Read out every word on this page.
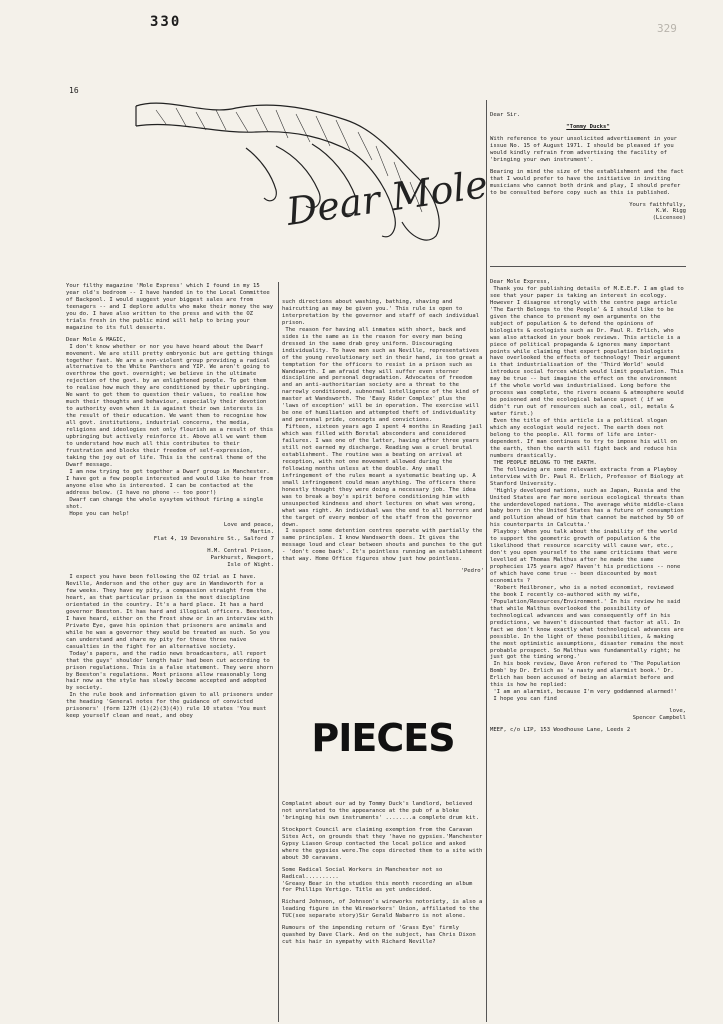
330	329
16
Dear Mole

Your filthy magazine 'Mole Express' which I found in my 15 year old's bedroom -- I have handed in to the Local Committee of Backpool. I would suggest your biggest sales are from teenagers -- and I deplore adults who make their money the way you do. I have also written to the press and with the OZ trials fresh in the public mind will help to bring your magazine to its full desserts.

Dear Mole & MAGIC,
I don't know whether or nor you have heard about the Dwarf movement. We are still pretty embryonic but are getting things together fast. We are a non-violent group providing a radical alternative to the White Panthers and YIP. We aren't going to overthrow the govt. overnight; we believe in the ultimate rejection of the govt. by an enlightened people. To get them to realise how much they are conditioned by their upbringing. We want to get them to question their values, to realise how much their thoughts and behaviour, especially their devotion to authority even when it is against their own interests is the result of their education. We want them to recognise how all govt. institutions, industrial concerns, the media, religions and ideologies not only flourish as a result of this upbringing but actively reinforce it. Above all we want them to understand how much all this contributes to their frustration and blocks their freedom of self-expression, taking the joy out of life. This is the central theme of the Dwarf message.
I am now trying to get together a Dwarf group in Manchester. I have got a few people interested and would like to hear from anyone else who is interested. I can be contacted at the address below. (I have no phone -- too poor!)
Dwarf can change the whole sysytem without firing a single shot.
Hope you can help!

Love and peace,
Martin.
Flat 4, 19 Devonshire St., Salford 7

H.M. Central Prison,
Parkhurst, Newport,
Isle of Wight.

I expect you have been following the OZ trial as I have. Neville, Anderson and the other guy are in Wandsworth for a few weeks. They have my pity, a compassion straight from the heart, as that particular prison is the most discipline orientated in the country. It's a hard place. It has a hard governor Beeston. It has hard and illogical officers. Beeston, I have heard, either on the Frost show or in an interview with Private Eye, gave his opinion that prisoners are animals and while he was a governor they would be treated as such. So you can understand and share my pity for these three naive casualties in the fight for an alternative society.
Today's papers, and the radio news broadcasters, all report that the guys' shoulder length hair had been cut according to prison regulations. This is a false statement. They were shorn by Beeston's regulations. Most prisons allow reasonably long hair now as the style has slowly become accepted and adopted by society.
In the rule book and information given to all prisoners under the heading 'General notes for the guidance of convicted prisoners' (form 127H (1)(2)(3)(4)) rule 10 states 'You must keep yourself clean and neat, and obey

such directions about washing, bathing, shaving and haircutting as may be given you.' This rule is open to interpretation by the governor and staff of each individual prison.
The reason for having all inmates with short, back and sides is the same as is the reason for every man being dressed in the same drab grey uniform. Discouraging individuality. To have men such as Neville, representatives of the young revolutionary set in their hand, is too great a temptation for the officers to resist in a prison such as Wandsworth. I am afraid they will suffer even sterner discipline and personal degradation. Advocates of freedom and an anti-authoritarian society are a threat to the narrowly conditioned, subnormal intelligence of the kind of master at Wandsworth. The 'Easy Rider Complex' plus the 'laws of exception' will be in operation. The exercise will be one of humiliation and attempted theft of individuality and personal pride, concepts and convictions.
Fifteen, sixteen years ago I spent 4 months in Reading jail which was filled with Borstal absconders and considered failures. I was one of the latter, having after three years still not earned my discharge. Reading was a cruel brutal establishment. The routine was a beating on arrival at reception, with not one movement allowed during the following months unless at the double. Any small infringement of the rules meant a systematic beating up. A small infringement could mean anything. The officers there honestly thought they were doing a necessary job. The idea was to break a boy's spirit before conditioning him with unsuspected kindness and short lectures on what was wrong, what was right. An individual was the end to all horrors and the target of every member of the staff from the governor down.
I suspect some detention centres operate with partially the same principles. I know Wandsworth does. It gives the message loud and clear between shouts and punches to the gut - 'don't come back'. It's pointless running an establishment that way. Home Office figures show just how pointless.

'Pedro'

PIECES

Complaint about our ad by Tommy Duck's landlord, believed not unrelated to the appearance at the pub of a bloke 'bringing his own instruments' ........a complete drum kit.

Stockport Council are claiming exemption from the Caravan Sites Act, on grounds that they 'have no gypsies.'Manchester Gypsy Liason Group contacted the local police and asked where the gypsies were.The cops directed them to a site with about 30 caravans.

Some Radical Social Workers in Manchester not so Radical..........
'Greasy Bear in the studios this month recording an album for Phillips Vertigo. Title as yet undecided.

Richard Johnson, of Johnson's wireworks notoriety, is also a leading figure in the Wireworkers' Union, affiliated to the TUC(see separate story)Sir Gerald Nabarro is not alone.

Rumours of the impending return of 'Grass Eye' firmly quashed by Dave Clark. And on the subject, has Chris Dixon cut his hair in sympathy with Richard Neville?

Dear Sir.

"Tommy Ducks"

With reference to your unsolicited advertisement in your issue No. 15 of August 1971. I should be pleased if you would kindly refrain from advertising the facility of 'bringing your own instrument'.

Bearing in mind the size of the establishment and the fact that I would prefer to have the initiative in inviting musicians who cannot both drink and play, I should prefer to be consulted before copy such as this is published.

Yours faithfully,
K.W. Rigg
(Licensee)

Dear Mole Express,
Thank you for publishing details of M.E.E.F. I am glad to see that your paper is taking an interest in ecology. However I disagree strongly with the centre page article 'The Earth Belongs to the People' & I should like to be given the chance to present my own arguments on the subject of population & to defend the opinions of biologists & ecologists such as Dr. Paul R. Erlich, who was also attacked in your book reviews. This article is a piece of political propaganda & ignores many important points while claiming that expert population biologists have overlooked the effects of technology! Their argument is that industrialisation of the 'Third World' would introduce social forces which would limit population. This may be true -- but imagine the effect on the environment if the whole world was industrialised. Long before the process was complete, the rivers oceans & atmosphere would be poisoned and the ecological balance upset ( if we didn't run out of resources such as coal, oil, metals & water first.)
Even the title of this article is a political slogan which any ecologist would reject. The earth does not belong to the people. All forms of life are inter-dependent. If man continues to try to impose his will on the earth, then the earth will fight back and reduce his numbers drastically.
THE PEOPLE BELONG TO THE EARTH.
The following are some relevant extracts from a Playboy interview with Dr. Paul R. Erlich, Professor of Biology at Stanford University.
'Highly developed nations, such as Japan, Russia and the United States are far more serious ecological threats than the underdeveloped nations. The average white middle-class baby born in the United States has a future of consumption and pollution ahead of him that cannot be matched by 50 of his counterparts in Calcutta.'
Playboy: When you talk about the inability of the world to support the geometric growth of population & the likelihood that resource scarcity will cause war, etc., don't you open yourself to the same criticisms that were levelled at Thomas Malthus after he made the same prophecies 175 years ago? Haven't his predictions -- none of which have come true -- been discounted by most economists ?
'Robert Heilbroner, who is a noted economist, reviewed the book I recently co-authored with my wife, 'Population/Resources/Environment.' In his review he said that while Malthus overlooked the possibility of technological advances and was consequently off in his predictions, we haven't discounted that factor at all. In fact we don't know exactly what technological advances are possible. In the light of these possibilities, & making the most optimistic assumptions, disaster remains the most probable prospect. So Malthus was fundamentally right; he just got the timing wrong.'
In his book review, Dave Aron refered to 'The Population Bomb' by Dr. Erlich as 'a nasty and alarmist book.' Dr. Erlich has been accused of being an alarmist before and this is how he replied:
'I am an alarmist, because I'm very goddamned alarmed!'
I hope you can find

love,
Spencer Campbell

MEEF, c/o LIP, 153 Woodhouse Lane, Leeds 2
